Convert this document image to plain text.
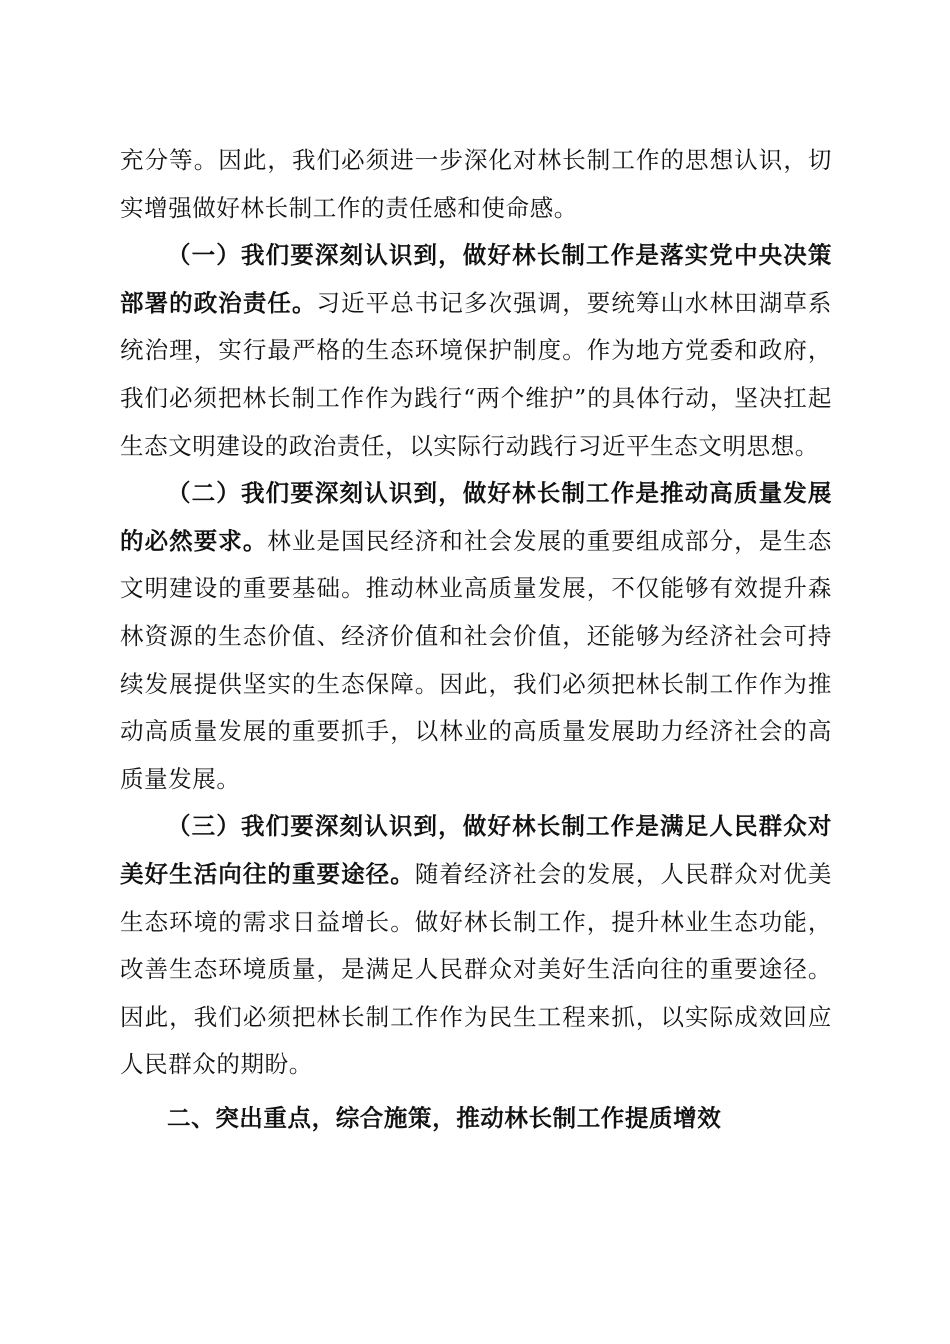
充分等。因此，我们必须进一步深化对林长制工作的思想认识，切实增强做好林长制工作的责任感和使命感。

（一）我们要深刻认识到，做好林长制工作是落实党中央决策部署的政治责任。习近平总书记多次强调，要统筹山水林田湖草系统治理，实行最严格的生态环境保护制度。作为地方党委和政府，我们必须把林长制工作作为践行“两个维护”的具体行动，坚决扛起生态文明建设的政治责任，以实际行动践行习近平生态文明思想。

（二）我们要深刻认识到，做好林长制工作是推动高质量发展的必然要求。林业是国民经济和社会发展的重要组成部分，是生态文明建设的重要基础。推动林业高质量发展，不仅能够有效提升森林资源的生态价值、经济价值和社会价值，还能够为经济社会可持续发展提供坚实的生态保障。因此，我们必须把林长制工作作为推动高质量发展的重要抓手，以林业的高质量发展助力经济社会的高质量发展。

（三）我们要深刻认识到，做好林长制工作是满足人民群众对美好生活向往的重要途径。随着经济社会的发展，人民群众对优美生态环境的需求日益增长。做好林长制工作，提升林业生态功能，改善生态环境质量，是满足人民群众对美好生活向往的重要途径。因此，我们必须把林长制工作作为民生工程来抓，以实际成效回应人民群众的期盼。

二、突出重点，综合施策，推动林长制工作提质增效
